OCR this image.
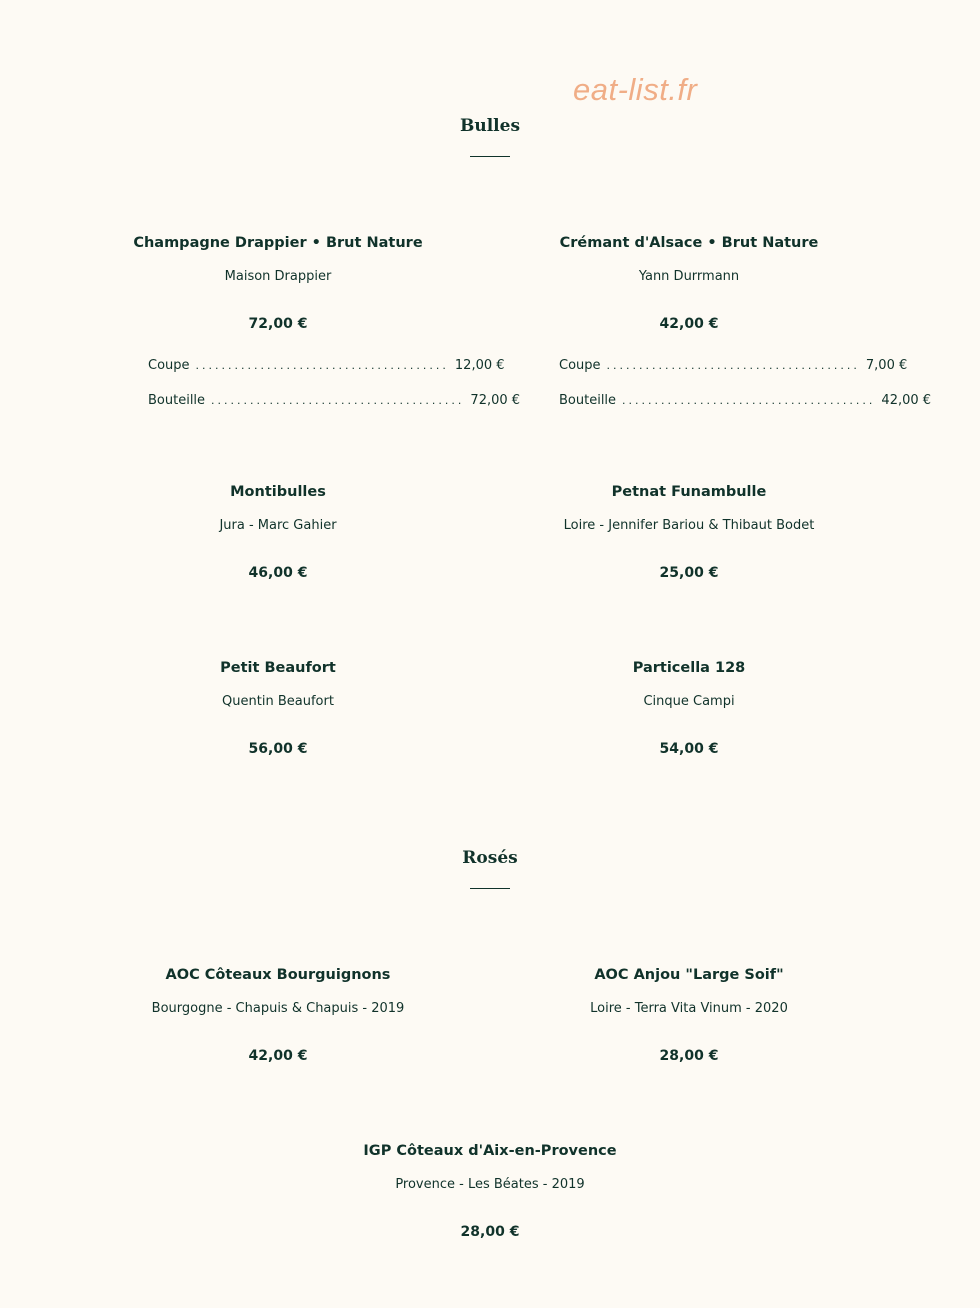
eat-list.fr
Bulles
Champagne Drappier • Brut Nature
Maison Drappier
72,00 €
Coupe ....................................... 12,00 €
Bouteille ....................................... 72,00 €
Crémant d'Alsace • Brut Nature
Yann Durrmann
42,00 €
Coupe ....................................... 7,00 €
Bouteille ....................................... 42,00 €
Montibulles
Jura - Marc Gahier
46,00 €
Petnat Funambulle
Loire - Jennifer Bariou & Thibaut Bodet
25,00 €
Petit Beaufort
Quentin Beaufort
56,00 €
Particella 128
Cinque Campi
54,00 €
Rosés
AOC Côteaux Bourguignons
Bourgogne - Chapuis & Chapuis - 2019
42,00 €
AOC Anjou "Large Soif"
Loire - Terra Vita Vinum - 2020
28,00 €
IGP Côteaux d'Aix-en-Provence
Provence - Les Béates - 2019
28,00 €
